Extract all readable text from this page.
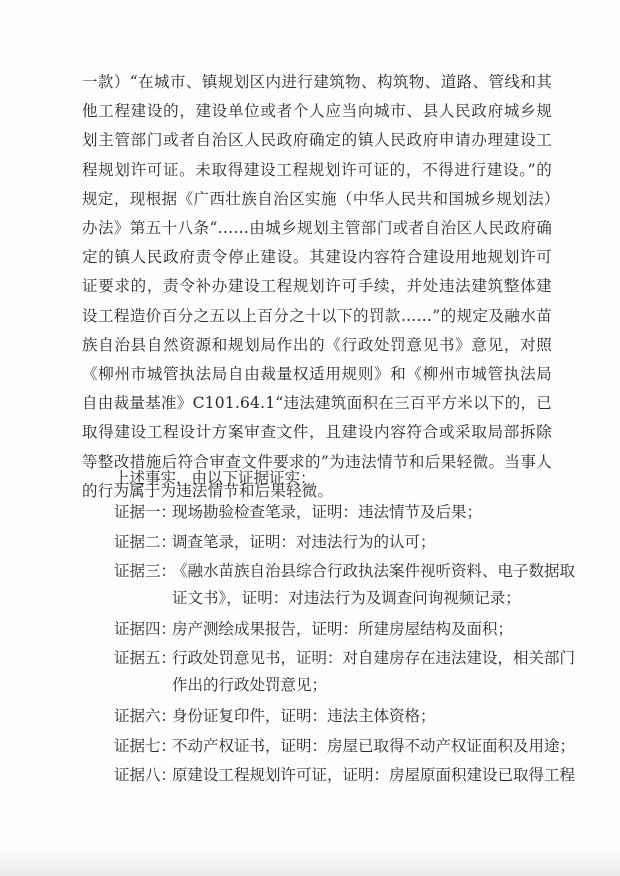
一款）“在城市、镇规划区内进行建筑物、构筑物、道路、管线和其他工程建设的，建设单位或者个人应当向城市、县人民政府城乡规划主管部门或者自治区人民政府确定的镇人民政府申请办理建设工程规划许可证。未取得建设工程规划许可证的，不得进行建设。”的规定，现根据《广西壮族自治区实施（中华人民共和国城乡规划法）办法》第五十八条“……由城乡规划主管部门或者自治区人民政府确定的镇人民政府责令停止建设。其建设内容符合建设用地规划许可证要求的，责令补办建设工程规划许可手续，并处违法建筑整体建设工程造价百分之五以上百分之十以下的罚款……”的规定及融水苗族自治县自然资源和规划局作出的《行政处罚意见书》意见，对照《柳州市城管执法局自由裁量权适用规则》和《柳州市城管执法局自由裁量基准》C101.64.1“违法建筑面积在三百平方米以下的，已取得建设工程设计方案审查文件，且建设内容符合或采取局部拆除等整改措施后符合审查文件要求的”为违法情节和后果轻微。当事人的行为属于为违法情节和后果轻微。

上述事实，由以下证据证实：

证据一：现场勘验检查笔录，证明：违法情节及后果；
证据二：调查笔录，证明：对违法行为的认可；
证据三：《融水苗族自治县综合行政执法案件视听资料、电子数据取
证文书》，证明：对违法行为及调查问询视频记录；
证据四：房产测绘成果报告，证明：所建房屋结构及面积；
证据五：行政处罚意见书，证明：对自建房存在违法建设，相关部门
作出的行政处罚意见；
证据六：身份证复印件，证明：违法主体资格；
证据七：不动产权证书，证明：房屋已取得不动产权证面积及用途；
证据八：原建设工程规划许可证，证明：房屋原面积建设已取得工程
